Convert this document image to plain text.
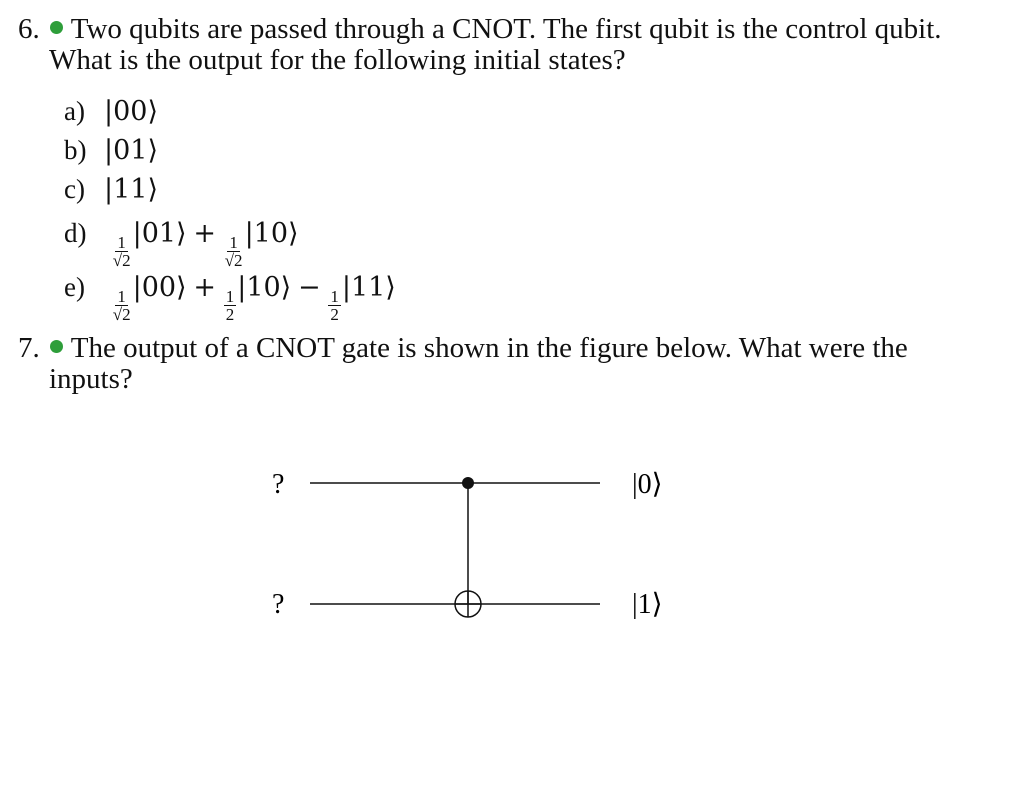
6. Two qubits are passed through a CNOT. The first qubit is the control qubit.
What is the output for the following initial states?
a) |00⟩
b) |01⟩
c) |11⟩
d)
$\frac{1}{√2}$
|01⟩ +
$\frac{1}{√2}$
|10⟩
e)
$\frac{1}{√2}$
|00⟩ +
$\frac{1}{2}$
|10⟩ −
$\frac{1}{2}$
|11⟩
7. The output of a CNOT gate is shown in the figure below. What were the
inputs?
?
?
|0⟩
|1⟩
